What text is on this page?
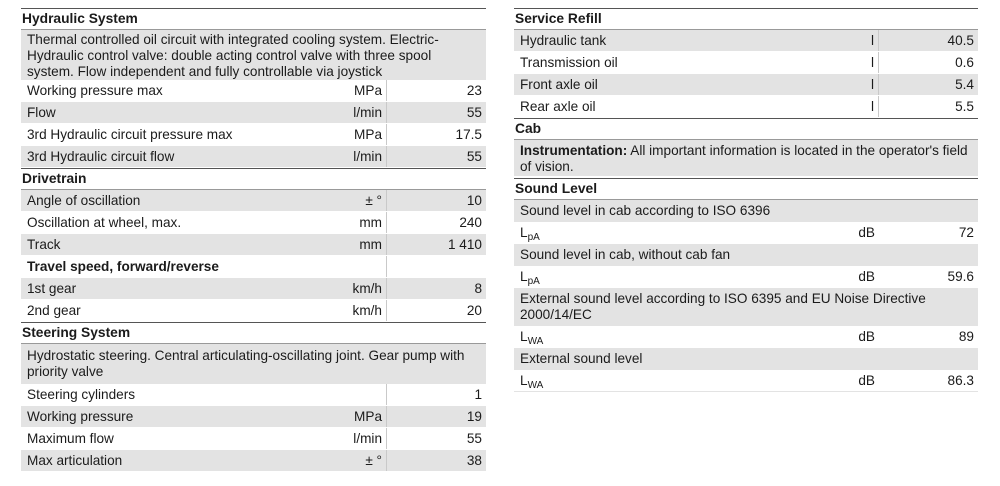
Hydraulic System
Thermal controlled oil circuit with integrated cooling system. Electric-Hydraulic control valve: double acting control valve with three spool system. Flow independent and fully controllable via joystick
Working pressure max	MPa	23
Flow	l/min	55
3rd Hydraulic circuit pressure max	MPa	17.5
3rd Hydraulic circuit flow	l/min	55
Drivetrain
Angle of oscillation	± °	10
Oscillation at wheel, max.	mm	240
Track	mm	1 410
Travel speed, forward/reverse
1st gear	km/h	8
2nd gear	km/h	20
Steering System
Hydrostatic steering. Central articulating-oscillating joint. Gear pump with priority valve
Steering cylinders	1
Working pressure	MPa	19
Maximum flow	l/min	55
Max articulation	± °	38
Service Refill
Hydraulic tank	l	40.5
Transmission oil	l	0.6
Front axle oil	l	5.4
Rear axle oil	l	5.5
Cab
Instrumentation: All important information is located in the operator's field of vision.
Sound Level
Sound level in cab according to ISO 6396
$L_{pA}$	dB	72
Sound level in cab, without cab fan
$L_{pA}$	dB	59.6
External sound level according to ISO 6395 and EU Noise Directive 2000/14/EC
$L_{WA}$	dB	89
External sound level
$L_{WA}$	dB	86.3
